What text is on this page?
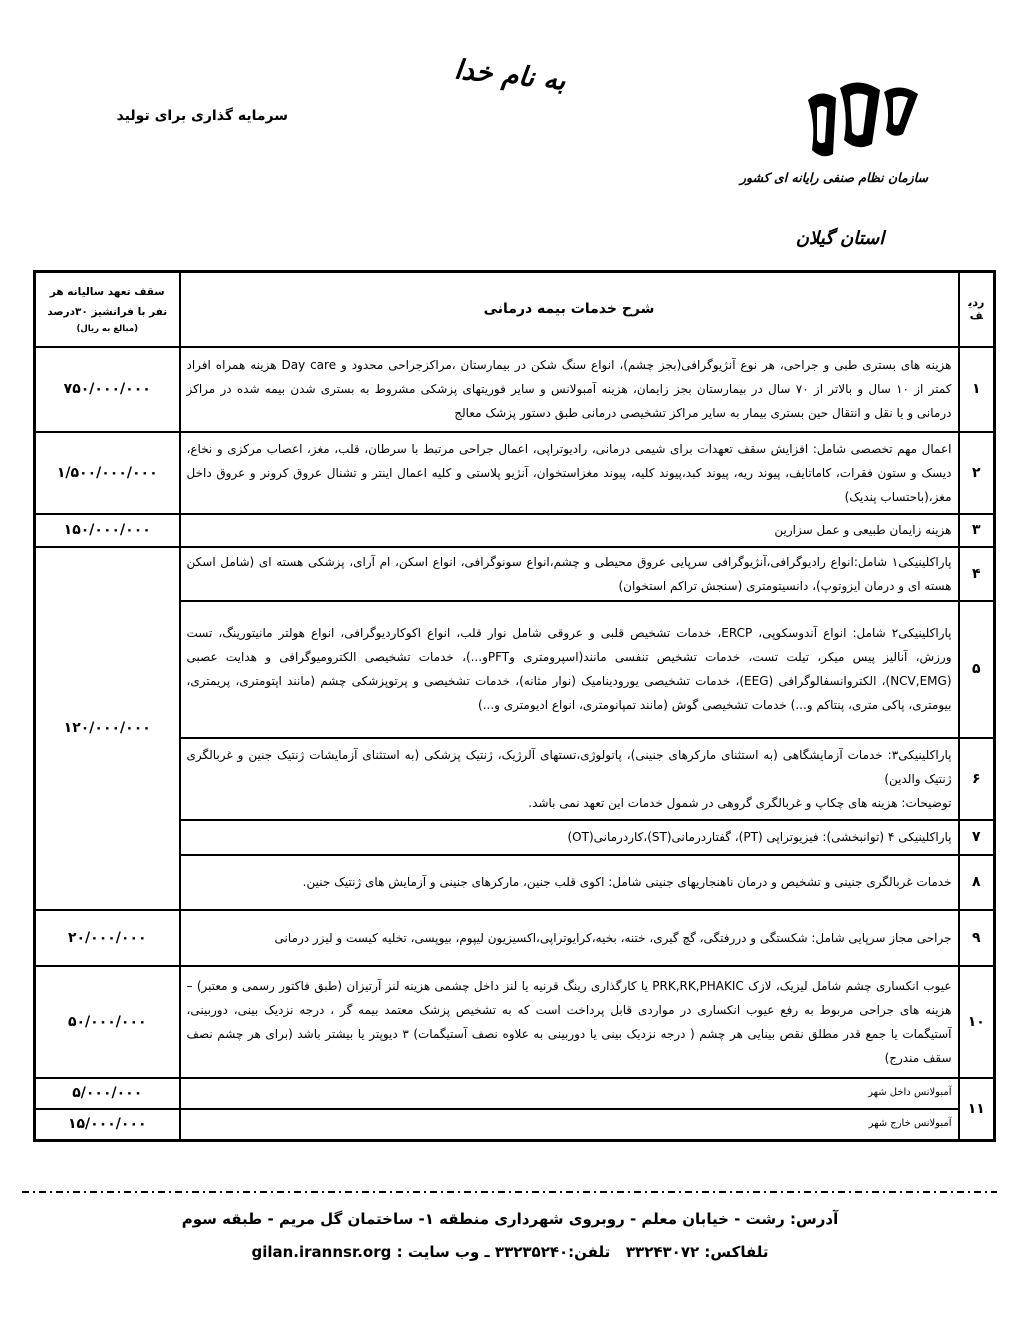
به نام خدا
سرمایه گذاری برای تولید
سازمان نظام صنفی رایانه ای کشور
استان گیلان
ردیف	شرح خدمات بیمه درمانی	سقف تعهد سالیانه هر
نفر با فرانشیز ۳۰درصد
(مبالغ به ریال)

۱	هزینه های بستری طبی و جراحی، هر نوع آنژیوگرافی(بجز چشم)، انواع سنگ شکن در بیمارستان ،مراکزجراحی محدود و Day care هزینه همراه افراد کمتر از ۱۰ سال و بالاتر از ۷۰ سال در بیمارستان بجز زایمان، هزینه آمبولانس و سایر فوریتهای پزشکی مشروط به بستری شدن بیمه شده در مراکز درمانی و یا نقل و انتقال حین بستری بیمار به سایر مراکز تشخیصی درمانی طبق دستور پزشک معالج	۷۵۰/۰۰۰/۰۰۰
۲	اعمال مهم تخصصی شامل: افزایش سقف تعهدات برای شیمی درمانی، رادیوتراپی، اعمال جراحی مرتبط با سرطان، قلب، مغز، اعصاب مرکزی و نخاع، دیسک و ستون فقرات، کاماتایف، پیوند ریه، پیوند کبد،پیوند کلیه، پیوند مغزاستخوان، آنژیو پلاستی و کلیه اعمال اینتر و تشنال عروق کرونر و عروق داخل مغز،(باحتساب پندیک)	۱/۵۰۰/۰۰۰/۰۰۰
۳	هزینه زایمان طبیعی و عمل سزارین	۱۵۰/۰۰۰/۰۰۰
۴	پاراکلینیکی۱ شامل:انواع رادیوگرافی،آنژیوگرافی سرپایی عروق محیطی و چشم،انواع سونوگرافی، انواع اسکن، ام آرای، پزشکی هسته ای (شامل اسکن هسته ای و درمان ایزوتوپ)، دانسیتومتری (سنجش تراکم استخوان)	۱۲۰/۰۰۰/۰۰۰
۵	پاراکلینیکی۲ شامل: انواع آندوسکوپی، ERCP، خدمات تشخیص قلبی و عروقی شامل نوار قلب، انواع اکوکاردیوگرافی، انواع هولتر مانیتورینگ، تست ورزش، آنالیز پیس میکر، تیلت تست، خدمات تشخیص تنفسی مانند(اسپرومتری وPFTو...)، خدمات تشخیصی الکترومیوگرافی و هدایت عصبی (NCV,EMG)، الکتروانسفالوگرافی (EEG)، خدمات تشخیصی یورودینامیک (نوار مثانه)، خدمات تشخیصی و پرتوپزشکی چشم (مانند اپتومتری، پریمتری، بیومتری، پاکی متری، پنتاکم و...) خدمات تشخیصی گوش (مانند تمپانومتری، انواع ادیومتری و...)	
۶	پاراکلینیکی۳: خدمات آزمایشگاهی (به استثنای مارکرهای جنینی)، پاتولوژی،تستهای آلرژیک، ژنتیک پزشکی (به استثنای آزمایشات ژنتیک جنین و غربالگری ژنتیک والدین)
توضیحات: هزینه های چکاپ و غربالگری گروهی در شمول خدمات این تعهد نمی باشد.	

۷	پاراکلینیکی ۴ (توانبخشی): فیزیوتراپی (PT)، گفتاردرمانی(ST)،کاردرمانی(OT)	
۸	خدمات غربالگری جنینی و تشخیص و درمان ناهنجاریهای جنینی شامل: اکوی قلب جنین، مارکرهای جنینی و آزمایش های ژنتیک جنین.	
۹	جراحی مجاز سرپایی شامل: شکستگی و دررفتگی، گچ گیری، ختنه، بخیه،کرایوتراپی،اکسیزیون لیپوم، بیوپسی، تخلیه کیست و لیزر درمانی	۲۰/۰۰۰/۰۰۰
۱۰	عیوب انکساری چشم شامل لیزیک، لازک PRK,RK,PHAKIC یا کارگذاری رینگ قرنیه یا لنز داخل چشمی هزینه لنز آرتیزان (طبق فاکتور رسمی و معتبر) – هزینه های جراحی مربوط به رفع عیوب انکساری در مواردی قابل پرداخت است که به تشخیص پزشک معتمد بیمه گر ، درجه نزدیک بینی، دوربینی، آستیگمات یا جمع قدر مطلق نقص بینایی هر چشم ( درجه نزدیک بینی یا دوربینی به علاوه نصف آستیگمات) ۳ دیوپتر یا بیشتر باشد (برای هر چشم نصف سقف مندرج)	۵۰/۰۰۰/۰۰۰
۱۱	آمبولانس داخل شهر	۵/۰۰۰/۰۰۰
	آمبولانس خارج شهر	۱۵/۰۰۰/۰۰۰
آدرس: رشت - خیابان معلم - روبروی شهرداری منطقه ۱- ساختمان گل مریم - طبقه سوم
تلفاکس: ۳۳۲۴۳۰۷۲   تلفن:۳۳۲۳۵۲۴۰ ـ وب سایت : gilan.irannsr.org
